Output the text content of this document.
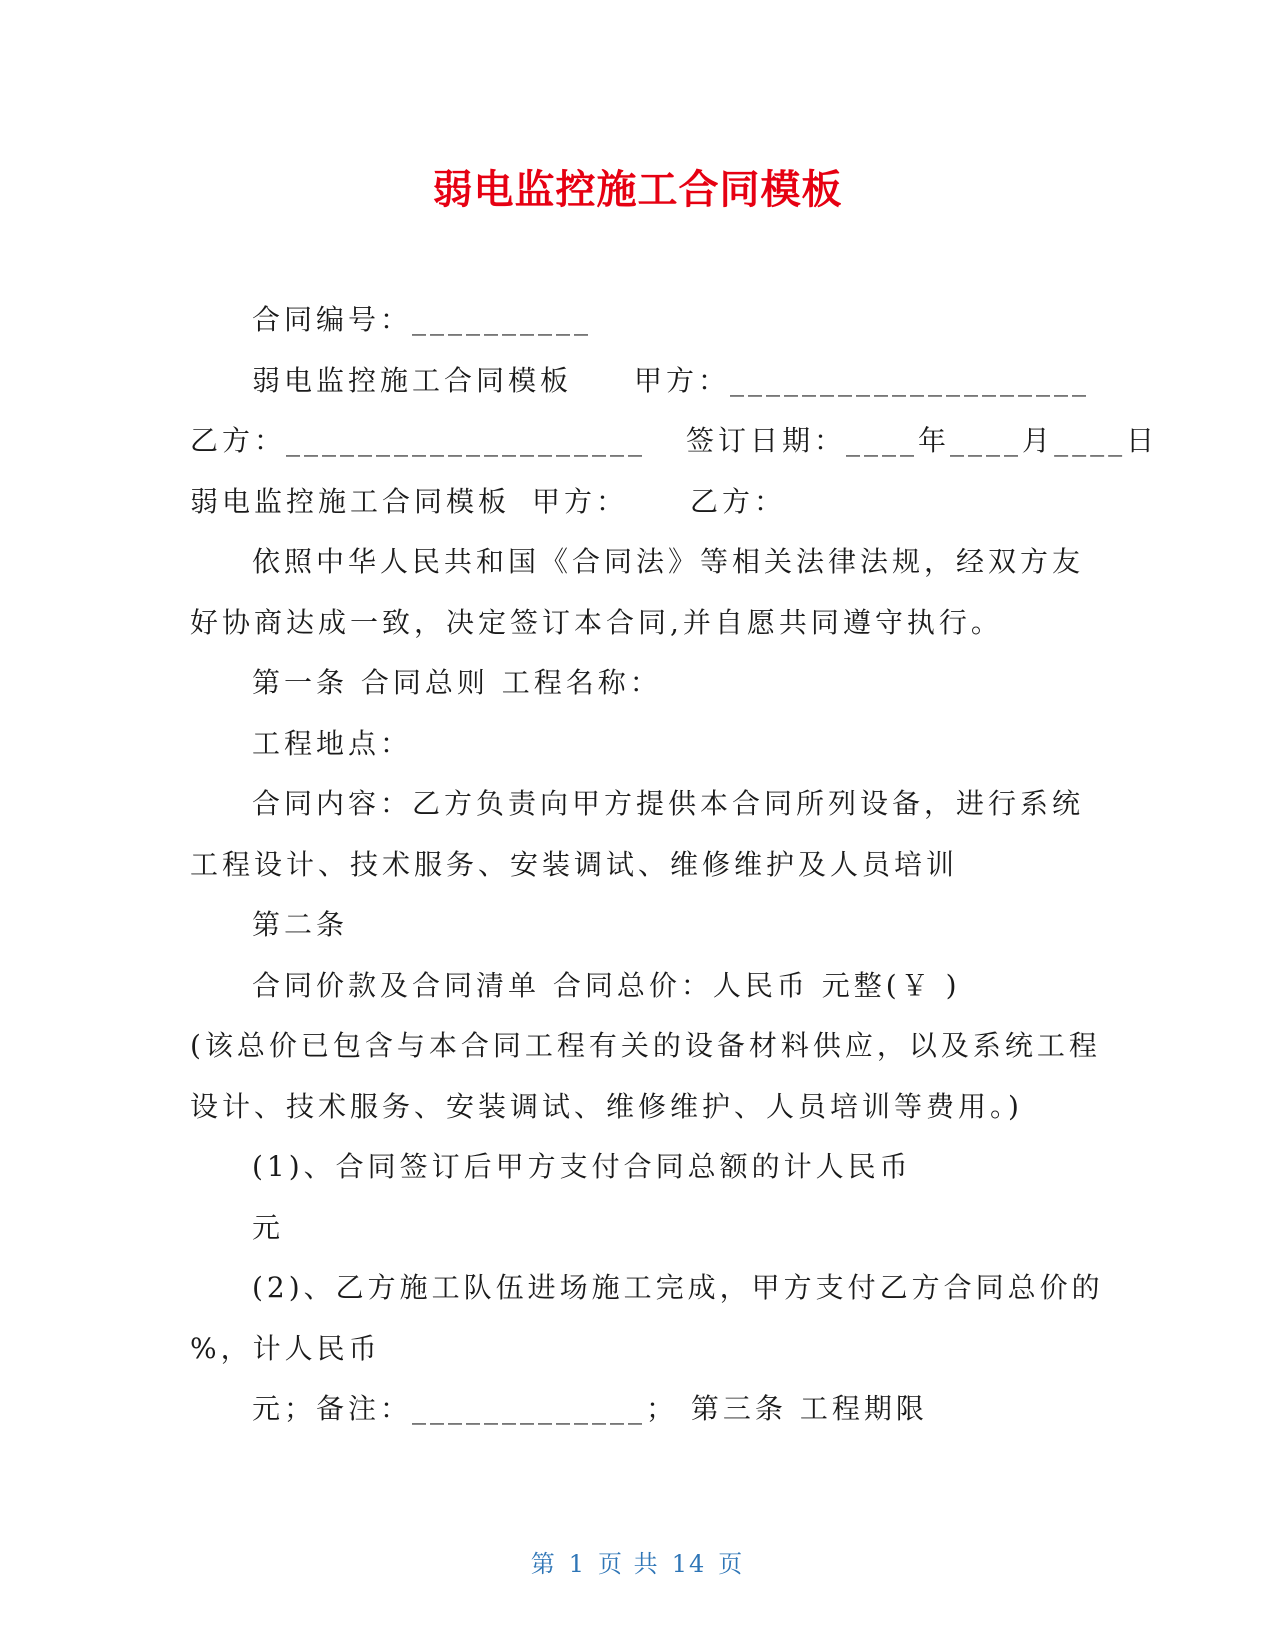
弱电监控施工合同模板
合同编号：__________
弱电监控施工合同模板 甲方：____________________
乙方：____________________ 签订日期：____年____月____日
弱电监控施工合同模板 甲方： 乙方：
依照中华人民共和国《合同法》等相关法律法规，经双方友
好协商达成一致，决定签订本合同,并自愿共同遵守执行。
第一条 合同总则 工程名称：
工程地点：
合同内容：乙方负责向甲方提供本合同所列设备，进行系统
工程设计、技术服务、安装调试、维修维护及人员培训
第二条
合同价款及合同清单 合同总价：人民币 元整(￥ )
(该总价已包含与本合同工程有关的设备材料供应，以及系统工程
设计、技术服务、安装调试、维修维护、人员培训等费用。)
(1)、合同签订后甲方支付合同总额的计人民币
元
(2)、乙方施工队伍进场施工完成，甲方支付乙方合同总价的
%，计人民币
元；备注：_____________； 第三条 工程期限
第 1 页 共 14 页
